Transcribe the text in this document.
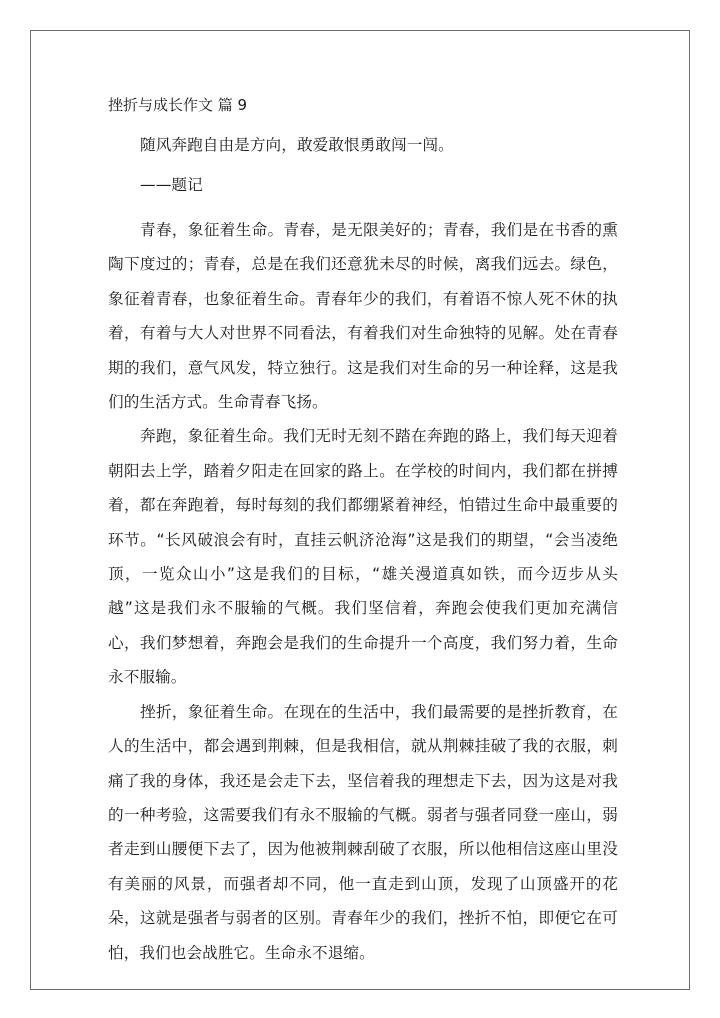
挫折与成长作文 篇 9

随风奔跑自由是方向，敢爱敢恨勇敢闯一闯。

——题记

青春，象征着生命。青春，是无限美好的；青春，我们是在书香的熏陶下度过的；青春，总是在我们还意犹未尽的时候，离我们远去。绿色，象征着青春，也象征着生命。青春年少的我们，有着语不惊人死不休的执着，有着与大人对世界不同看法，有着我们对生命独特的见解。处在青春期的我们，意气风发，特立独行。这是我们对生命的另一种诠释，这是我们的生活方式。生命青春飞扬。

奔跑，象征着生命。我们无时无刻不踏在奔跑的路上，我们每天迎着朝阳去上学，踏着夕阳走在回家的路上。在学校的时间内，我们都在拼搏着，都在奔跑着，每时每刻的我们都绷紧着神经，怕错过生命中最重要的环节。“长风破浪会有时，直挂云帆济沧海”这是我们的期望，“会当凌绝顶，一览众山小”这是我们的目标，“雄关漫道真如铁，而今迈步从头越”这是我们永不服输的气概。我们坚信着，奔跑会使我们更加充满信心，我们梦想着，奔跑会是我们的生命提升一个高度，我们努力着，生命永不服输。

挫折，象征着生命。在现在的生活中，我们最需要的是挫折教育，在人的生活中，都会遇到荆棘，但是我相信，就从荆棘挂破了我的衣服，刺痛了我的身体，我还是会走下去，坚信着我的理想走下去，因为这是对我的一种考验，这需要我们有永不服输的气概。弱者与强者同登一座山，弱者走到山腰便下去了，因为他被荆棘刮破了衣服，所以他相信这座山里没有美丽的风景，而强者却不同，他一直走到山顶，发现了山顶盛开的花朵，这就是强者与弱者的区别。青春年少的我们，挫折不怕，即便它在可怕，我们也会战胜它。生命永不退缩。
